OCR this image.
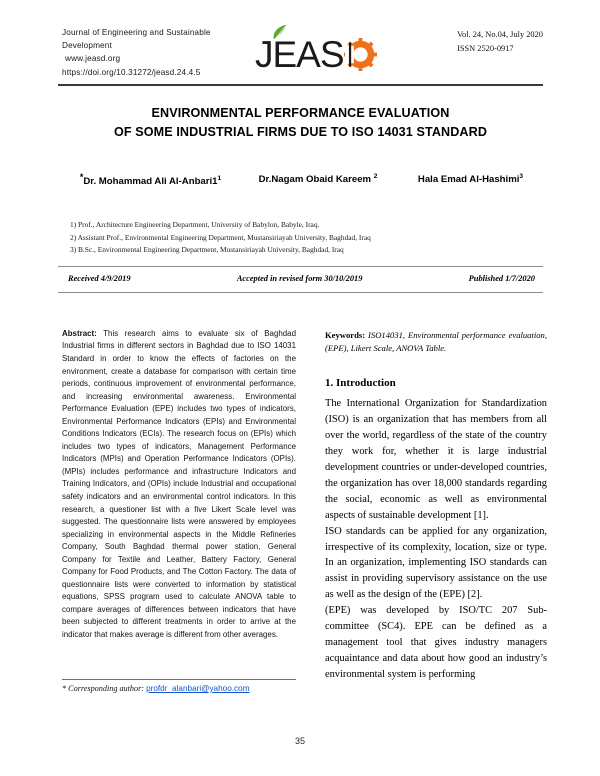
Journal of Engineering and Sustainable
Development
www.jeasd.org
https://doi.org/10.31272/jeasd.24.4.5
Vol. 24, No.04, July 2020
ISSN 2520-0917
JEAS
ENVIRONMENTAL PERFORMANCE EVALUATION
OF SOME INDUSTRIAL FIRMS DUE TO ISO 14031 STANDARD
*Dr. Mohammad Ali $Al-Anbari1^1$	Dr.Nagam Obaid Kareem $^2$	Hala Emad Al-Hashimi$^3$
1) Prof., Architecture Engineering Department, University of Babylon, Babyle, Iraq.
2) Assistant Prof., Environmental Engineering Department, Mustansiriayah University, Baghdad, Iraq
3) B.Sc., Environmental Engineering Department, Mustansiriayah University, Baghdad, Iraq
Received 4/9/2019	Accepted in revised form 30/10/2019	Published 1/7/2020

Abstract: This research aims to evaluate six of Baghdad Industrial firms in different sectors in Baghdad due to ISO 14031 Standard in order to know the effects of factories on the environment, create a database for comparison with certain time periods, continuous improvement of environmental performance, and increasing environmental awareness. Environmental Performance Evaluation (EPE) includes two types of indicators, Environmental Performance Indicators (EPIs) and Environmental Conditions Indicators (ECIs). The research focus on (EPIs) which includes two types of indicators, Management Performance Indicators (MPIs) and Operation Performance Indicators (OPIs). (MPIs) includes performance and infrastructure Indicators and Training Indicators, and (OPIs) include Industrial and occupational safety indicators and an environmental control indicators. In this research, a questioner list with a five Likert Scale level was suggested. The questionnaire lists were answered by employees specializing in environmental aspects in the Middle Refineries Company, South Baghdad thermal power station, General Company for Textile and Leather, Battery Factory, General Company for Food Products, and The Cotton Factory. The data of questionnaire lists were converted to information by statistical equations, SPSS program used to calculate ANOVA table to compare averages of differences between indicators that have been subjected to different treatments in order to arrive at the indicator that makes average is different from other averages.

* Corresponding author: profdr_alanbari@yahoo.com

Keywords: ISO14031, Environmental performance evaluation, (EPE), Likert Scale, ANOVA Table.

1. Introduction

The International Organization for Standardization (ISO) is an organization that has members from all over the world, regardless of the state of the country they work for, whether it is large industrial development countries or under-developed countries, the organization has over 18,000 standards regarding the social, economic as well as environmental aspects of sustainable development [1].

ISO standards can be applied for any organization, irrespective of its complexity, location, size or type. In an organization, implementing ISO standards can assist in providing supervisory assistance on the use as well as the design of the (EPE) [2].

(EPE) was developed by ISO/TC 207 Sub-committee (SC4). EPE can be defined as a management tool that gives industry managers acquaintance and data about how good an industry’s environmental system is performing

35
